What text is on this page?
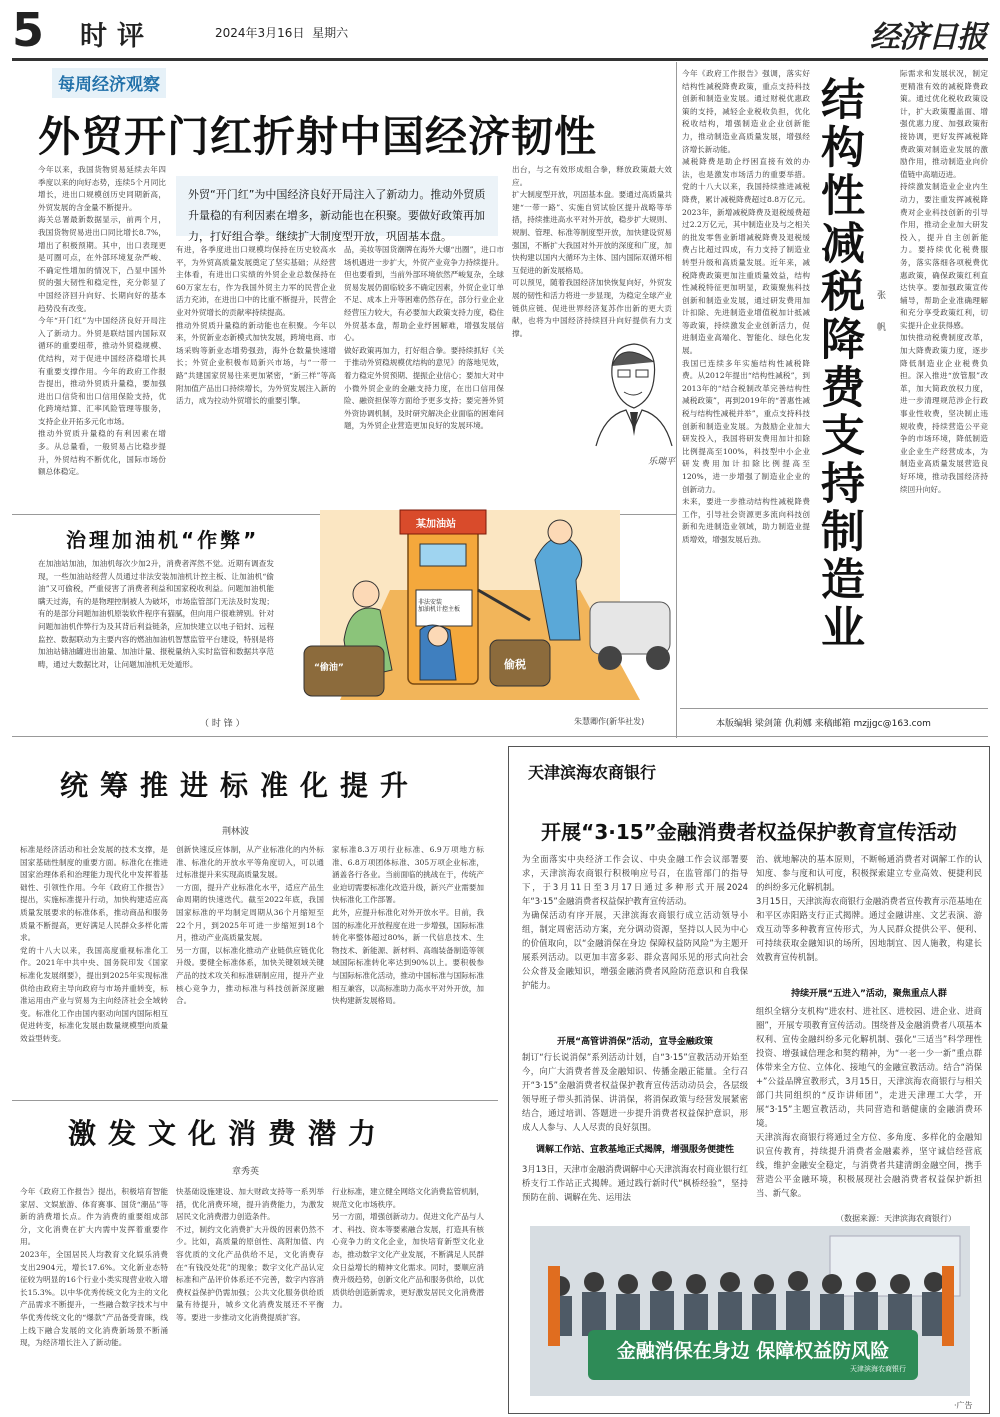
5 时评	2024年3月16日 星期六	经济日报
每周经济观察
外贸开门红折射中国经济韧性
今年以来，我国货物贸易延续去年四季度以来的向好态势，连续5个月同比增长，进出口规模创历史同期新高，外贸发展的含金量不断提升。
海关总署最新数据显示，前两个月，我国货物贸易进出口同比增长8.7%，增出了积极预期。其中，出口表现更是可圈可点，在外部环境复杂严峻、不确定性增加的情况下，凸显中国外贸的强大韧性和稳定性，充分彰显了中国经济回升向好、长期向好的基本趋势没有改变。
今年“开门红”为中国经济良好开局注入了新动力。外贸是联结国内国际双循环的重要纽带，推动外贸稳规模、优结构，对于促进中国经济稳增长具有重要支撑作用。今年的政府工作报告提出，推动外贸质升量稳，要加强进出口信贷和出口信用保险支持，优化跨境结算、汇率风险管理等服务，支持企业开拓多元化市场。
推动外贸质升量稳的有利因素在增多。从总量看，一般贸易占比稳步提升，外贸结构不断优化，国际市场份额总体稳定。
外贸“开门红”为中国经济良好开局注入了新动力。推动外贸质升量稳的有利因素在增多，新动能也在积聚。要做好政策再加力，打好组合拳。继续扩大制度型开放，巩固基本盘。
有进，各季度进出口规模均保持在历史较高水平，为外贸高质量发展奠定了坚实基础；从经营主体看，有进出口实绩的外贸企业总数保持在60万家左右，作为我国外贸主力军的民营企业活力充沛，在进出口中的比重不断提升，民营企业对外贸增长的贡献率持续提高。
推动外贸质升量稳的新动能也在积聚。今年以来，外贸新业态新模式加快发展，跨境电商、市场采购等新业态增势强劲，海外仓数量快速增长；外贸企业积极布局新兴市场，与“一带一路”共建国家贸易往来更加紧密，“新三样”等高附加值产品出口持续增长，为外贸发展注入新的活力，成为拉动外贸增长的重要引擎。
品，美妆等国货潮牌在海外大爆“出圈”，进口市场机遇进一步扩大，外贸产业竞争力持续提升。
但也要看到，当前外部环境依然严峻复杂，全球贸易发展仍面临较多不确定因素，外贸企业订单不足、成本上升等困难仍然存在，部分行业企业经营压力较大，有必要加大政策支持力度，稳住外贸基本盘，帮助企业纾困解难，增强发展信心。
做好政策再加力，打好组合拳。要持续抓好《关于推动外贸稳规模优结构的意见》的落地见效，着力稳定外贸预期、提振企业信心；要加大对中小微外贸企业的金融支持力度，在出口信用保险、融资担保等方面给予更多支持；要完善外贸外资协调机制，及时研究解决企业面临的困难问题，为外贸企业营造更加良好的发展环境。
出台，与之有效形成组合拳，释放政策最大效应。
扩大制度型开放，巩固基本盘。要通过高质量共建“一带一路”、实施自贸试验区提升战略等举措，持续推进高水平对外开放，稳步扩大规则、规制、管理、标准等制度型开放，加快建设贸易强国，不断扩大我国对外开放的深度和广度，加快构建以国内大循环为主体、国内国际双循环相互促进的新发展格局。
可以预见，随着我国经济加快恢复向好，外贸发展的韧性和活力将进一步显现，为稳定全球产业链供应链、促进世界经济复苏作出新的更大贡献，也将为中国经济持续回升向好提供有力支撑。
乐瑞平
今年《政府工作报告》强调，落实好结构性减税降费政策，重点支持科技创新和制造业发展。通过财税优惠政策的支持，减轻企业税收负担，优化税收结构，增强制造业企业创新能力，推动制造业高质量发展，增强经济增长新动能。
减税降费是助企纾困直接有效的办法，也是激发市场活力的重要举措。党的十八大以来，我国持续推进减税降费，累计减税降费超过8.8万亿元。2023年，新增减税降费及退税缓费超过2.2万亿元，其中制造业及与之相关的批发零售业新增减税降费及退税缓费占比超过四成，有力支持了制造业转型升级和高质量发展。近年来，减税降费政策更加注重质量效益，结构性减税特征更加明显，政策聚焦科技创新和制造业发展，通过研发费用加计扣除、先进制造业增值税加计抵减等政策，持续激发企业创新活力，促进制造业高端化、智能化、绿色化发展。
我国已连续多年实施结构性减税降费。从2012年提出“结构性减税”，到2013年的“结合税制改革完善结构性减税政策”，再到2019年的“普惠性减税与结构性减税并举”，重点支持科技创新和制造业发展。为鼓励企业加大研发投入，我国将研发费用加计扣除比例提高至100%，科技型中小企业研发费用加计扣除比例提高至120%，进一步增强了制造业企业的创新动力。
未来，要进一步推动结构性减税降费工作，引导社会资源更多流向科技创新和先进制造业领域，助力制造业提质增效，增强发展后劲。	结构性减税降费支持制造业 张 帆
际需求和发展状况，制定更精准有效的减税降费政策。通过优化税收政策设计，扩大政策覆盖面、增强优惠力度、加强政策衔接协调，更好发挥减税降费政策对制造业发展的激励作用，推动制造业向价值链中高端迈进。
持续激发制造业企业内生动力，要注重发挥减税降费对企业科技创新的引导作用，推动企业加大研发投入，提升自主创新能力。要持续优化税费服务，落实落细各项税费优惠政策，确保政策红利直达快享。要加强政策宣传辅导，帮助企业准确理解和充分享受政策红利，切实提升企业获得感。
加快推动税费制度改革，加大降费政策力度，逐步降低制造业企业税费负担。深入推进“放管服”改革，加大简政放权力度，进一步清理规范涉企行政事业性收费，坚决制止违规收费，持续营造公平竞争的市场环境，降低制造业企业生产经营成本，为制造业高质量发展营造良好环境，推动我国经济持续回升向好。
本版编辑 梁剑箫 仇莉娜 来稿邮箱 mzjjgc@163.com
治理加油机“作弊”
在加油站加油，加油机每次少加2升，消费者浑然不觉。近期有调查发现，一些加油站经营人员通过非法安装加油机计控主板、让加油机“偷油”又可偷税，严重侵害了消费者利益和国家税收利益。问题加油机能瞒天过海，有的是物理控制被人为破坏，市场监管部门无法及时发现；有的是部分问题加油机原装软件程序有猫腻，但向用户很难辨别。针对问题加油机作弊行为及其背后利益链条，应加快建立以电子铅封、远程监控、数据联动为主要内容的燃油加油机智慧监管平台建设，特别是将加油站储油罐进出油量、加油计量、报税量纳入实时监管和数据共享范畴，通过大数据比对，让问题加油机无处遁形。
（ 时 锋 ）
某加油站
非法安装加油机计控主板
“偷油”	偷税
朱慧卿作(新华社发)
统筹推进标准化提升
荆林波
标准是经济活动和社会发展的技术支撑，是国家基础性制度的重要方面。标准化在推进国家治理体系和治理能力现代化中发挥着基础性、引领性作用。今年《政府工作报告》提出，实施标准提升行动，加快构建适应高质量发展要求的标准体系，推动商品和服务质量不断提高，更好满足人民群众多样化需求。
党的十八大以来，我国高度重视标准化工作。2021年中共中央、国务院印发《国家标准化发展纲要》，提出到2025年实现标准供给由政府主导向政府与市场并重转变，标准运用由产业与贸易为主向经济社会全域转变。标准化工作由国内驱动向国内国际相互促进转变，标准化发展由数量规模型向质量效益型转变。
创新快速反应体制，从产业标准化的内外标准、标准化的开放水平等角度切入，可以通过标准提升来实现高质量发展。
一方面，提升产业标准化水平，适应产品生命周期的快速迭代。截至2022年底，我国国家标准的平均制定周期从36个月缩短至22个月，到2025年可进一步缩短到18个月，推动产业高质量发展。
另一方面，以标准化推动产业链供应链优化升级。要健全标准体系，加快关键领域关键产品的技术攻关和标准研制应用，提升产业核心竞争力，推动标准与科技创新深度融合。
家标准8.3万项行业标准、6.9万项地方标准、6.8万项团体标准、305万项企业标准，涵盖各行各业。当前面临的挑战在于，传统产业迫切需要标准化改造升级，新兴产业需要加快标准化工作部署。
此外，应提升标准化对外开放水平。目前，我国的标准化开放程度在进一步增强，国际标准转化率整体超过80%，新一代信息技术、生物技术、新能源、新材料、高端装备制造等领域国际标准转化率达到90%以上。要积极参与国际标准化活动，推动中国标准与国际标准相互兼容，以高标准助力高水平对外开放，加快构建新发展格局。
激发文化消费潜力
章秀英
今年《政府工作报告》提出，积极培育智能家居、文娱旅游、体育赛事、国货“潮品”等新的消费增长点。作为消费的重要组成部分，文化消费在扩大内需中发挥着重要作用。
2023年，全国居民人均教育文化娱乐消费支出2904元，增长17.6%。文化新业态特征较为明显的16个行业小类实现营业收入增长15.3%。以中华优秀传统文化为主的文化产品需求不断提升，一些融合数字技术与中华优秀传统文化的“爆款”产品备受青睐，线上线下融合发展的文化消费新场景不断涌现，为经济增长注入了新动能。
快基础设施建设、加大财政支持等一系列举措，优化消费环境，提升消费能力，为激发居民文化消费潜力创造条件。
不过，制约文化消费扩大升级的因素仍然不少。比如，高质量的原创性、高附加值、内容优质的文化产品供给不足，文化消费存在“有钱没处花”的现象；数字文化产品认定标准和产品评价体系还不完善，数字内容消费权益保护仍需加强；公共文化服务供给质量有待提升，城乡文化消费发展还不平衡等。要进一步推动文化消费提质扩容。
行业标准，建立健全网络文化消费监管机制，规范文化市场秩序。
另一方面，增强创新动力。促进文化产品与人才、科技、资本等要素融合发展，打造具有核心竞争力的文化企业，加快培育新型文化业态，推动数字文化产业发展，不断满足人民群众日益增长的精神文化需求。同时，要顺应消费升级趋势，创新文化产品和服务供给，以优质供给创造新需求，更好激发居民文化消费潜力。
天津滨海农商银行
开展“3·15”金融消费者权益保护教育宣传活动
为全面落实中央经济工作会议、中央金融工作会议部署要求，天津滨海农商银行积极响应号召，在监管部门的指导下，于3月11日至3月17日通过多种形式开展2024年“3·15”金融消费者权益保护教育宣传活动。
为确保活动有序开展，天津滨海农商银行成立活动领导小组，制定周密活动方案，充分调动资源，坚持以人民为中心的价值取向，以“金融消保在身边 保障权益防风险”为主题开展系列活动。以更加丰富多彩、群众喜闻乐见的形式向社会公众普及金融知识，增强金融消费者风险防范意识和自我保护能力。
开展“高管讲消保”活动，宣导金融政策
制订“行长说消保”系列活动计划，自“3·15”宣教活动开始至今，向广大消费者普及金融知识、传播金融正能量。全行召开“3·15”金融消费者权益保护教育宣传活动动员会，各层级领导班子带头抓消保、讲消保，将消保政策与经营发展紧密结合，通过培训、答题进一步提升消费者权益保护意识，形成人人参与、人人尽责的良好氛围。
调解工作站、宣教基地正式揭牌，增强服务便捷性
3月13日，天津市金融消费调解中心天津滨海农村商业银行红桥支行工作站正式揭牌。通过践行新时代“枫桥经验”，坚持预防在前、调解在先、运用法
治、就地解决的基本原则，不断畅通消费者对调解工作的认知度、参与度和认可度，积极探索建立专业高效、便捷利民的纠纷多元化解机制。
3月15日，天津滨海农商银行金融消费者宣传教育示范基地在和平区赤阳路支行正式揭牌。通过金融讲座、文艺表演、游戏互动等多种教育宣传形式，为人民群众提供公平、便利、可持续获取金融知识的场所，因地制宜、因人施教，构建长效教育宣传机制。
持续开展“五进入”活动，聚焦重点人群
组织全辖分支机构“进农村、进社区、进校园、进企业、进商圈”，开展专项教育宣传活动。围绕普及金融消费者八项基本权利、宣传金融纠纷多元化解机制、强化“三适当”科学理性投资、增强诚信理念和契约精神，为“一老一少一新”重点群体带来全方位、立体化、接地气的金融宣教活动。结合“消保+”公益品牌宣教形式，3月15日，天津滨海农商银行与相关部门共同组织的“反诈讲师团”，走进天津理工大学，开展“3·15”主题宣教活动，共同营造和谐健康的金融消费环境。
天津滨海农商银行将通过全方位、多角度、多样化的金融知识宣传教育，持续提升消费者金融素养，坚守诚信经营底线，维护金融安全稳定，与消费者共建清朗金融空间，携手营造公平金融环境，积极展现社会融消费者权益保护新担当、新气象。
（数据来源：天津滨海农商银行）
金融消保在身边 保障权益防风险
天津滨海农商银行
·广告
